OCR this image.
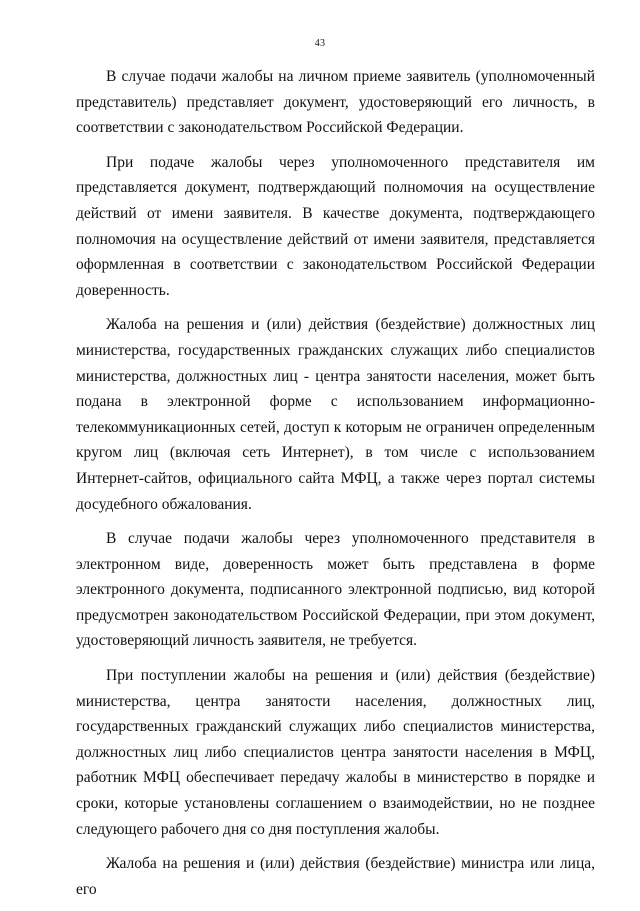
43

В случае подачи жалобы на личном приеме заявитель (уполномоченный представитель) представляет документ, удостоверяющий его личность, в соответствии с законодательством Российской Федерации.

При подаче жалобы через уполномоченного представителя им представляется документ, подтверждающий полномочия на осуществление действий от имени заявителя. В качестве документа, подтверждающего полномочия на осуществление действий от имени заявителя, представляется оформленная в соответствии с законодательством Российской Федерации доверенность.

Жалоба на решения и (или) действия (бездействие) должностных лиц министерства, государственных гражданских служащих либо специалистов министерства, должностных лиц - центра занятости населения, может быть подана в электронной форме с использованием информационно-телекоммуникационных сетей, доступ к которым не ограничен определенным кругом лиц (включая сеть Интернет), в том числе с использованием Интернет-сайтов, официального сайта МФЦ, а также через портал системы досудебного обжалования.

В случае подачи жалобы через уполномоченного представителя в электронном виде, доверенность может быть представлена в форме электронного документа, подписанного электронной подписью, вид которой предусмотрен законодательством Российской Федерации, при этом документ, удостоверяющий личность заявителя, не требуется.

При поступлении жалобы на решения и (или) действия (бездействие) министерства, центра занятости населения, должностных лиц, государственных гражданский служащих либо специалистов министерства, должностных лиц либо специалистов центра занятости населения в МФЦ, работник МФЦ обеспечивает передачу жалобы в министерство в порядке и сроки, которые установлены соглашением о взаимодействии, но не позднее следующего рабочего дня со дня поступления жалобы.

Жалоба на решения и (или) действия (бездействие) министра или лица, его
